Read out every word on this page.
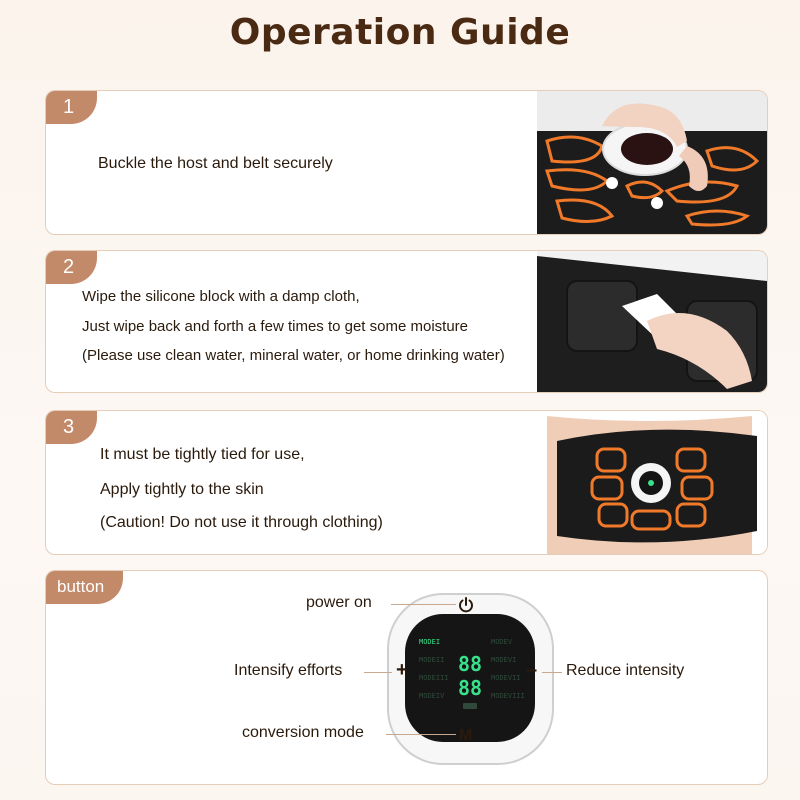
Operation Guide
1
Buckle the host and belt securely
2
Wipe the silicone block with a damp cloth,
Just wipe back and forth a few times to get some moisture
(Please use clean water, mineral water, or home drinking water)
3
It must be tightly tied for use,
Apply tightly to the skin
(Caution! Do not use it through clothing)
button
MODEI
MODEII
MODEIII
MODEIV
MODEV
MODEVI
MODEVII
MODEVIII
88
88
power on
Intensify efforts	+	– Reduce intensity
conversion mode	M
